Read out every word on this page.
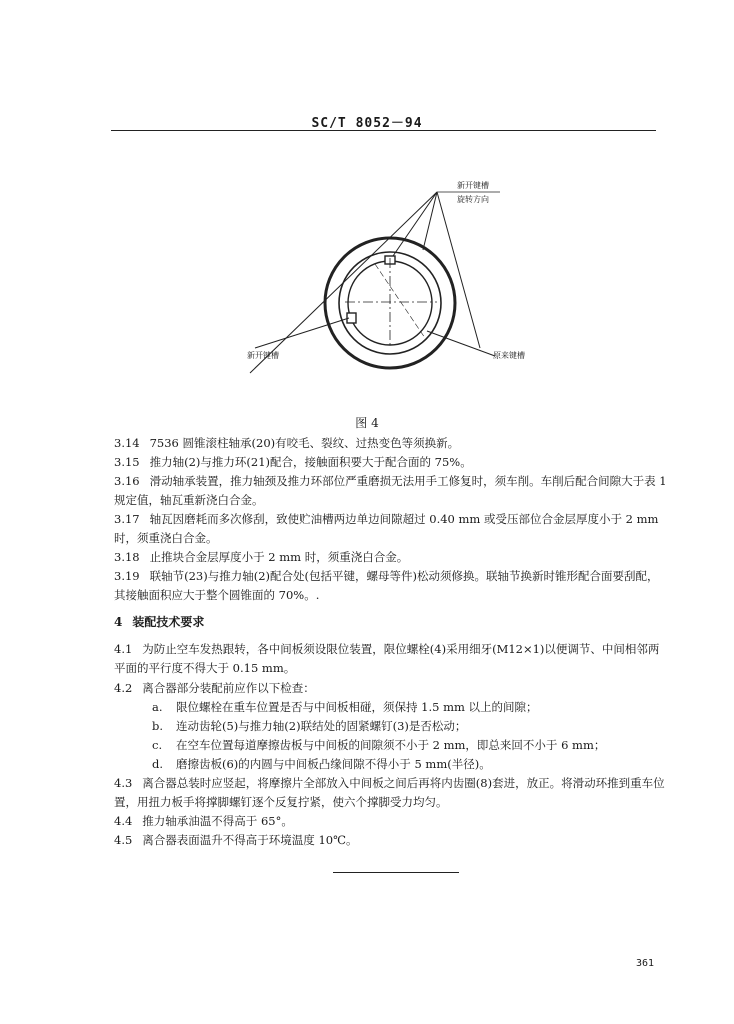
SC/T 8052－94
新开键槽
旋转方向
新开键槽	原来键槽
图 4
3.14 7536 圆锥滚柱轴承(20)有咬毛、裂纹、过热变色等须换新。
3.15 推力轴(2)与推力环(21)配合，接触面积要大于配合面的 75%。
3.16 滑动轴承装置，推力轴颈及推力环部位严重磨损无法用手工修复时，须车削。车削后配合间隙大于表 1 规定值，轴瓦重新浇白合金。
3.17 轴瓦因磨耗而多次修刮，致使贮油槽两边单边间隙超过 0.40 mm 或受压部位合金层厚度小于 2 mm时，须重浇白合金。
3.18 止推块合金层厚度小于 2 mm 时，须重浇白合金。
3.19 联轴节(23)与推力轴(2)配合处(包括平键，螺母等件)松动须修换。联轴节换新时锥形配合面要刮配，其接触面积应大于整个圆锥面的 70%。.
4 装配技术要求
4.1 为防止空车发热跟转，各中间板须设限位装置，限位螺栓(4)采用细牙(M12×1)以便调节、中间相邻两平面的平行度不得大于 0.15 mm。
4.2 离合器部分装配前应作以下检查：
a. 限位螺栓在重车位置是否与中间板相碰，须保持 1.5 mm 以上的间隙；
b. 连动齿轮(5)与推力轴(2)联结处的固紧螺钉(3)是否松动；
c. 在空车位置每道摩擦齿板与中间板的间隙须不小于 2 mm，即总来回不小于 6 mm；
d. 磨擦齿板(6)的内圆与中间板凸缘间隙不得小于 5 mm(半径)。
4.3 离合器总装时应竖起，将摩擦片全部放入中间板之间后再将内齿圈(8)套进，放正。将滑动环推到重车位置，用扭力板手将撑脚螺钉逐个反复拧紧，使六个撑脚受力均匀。
4.4 推力轴承油温不得高于 65°。
4.5 离合器表面温升不得高于环境温度 10℃。
361
